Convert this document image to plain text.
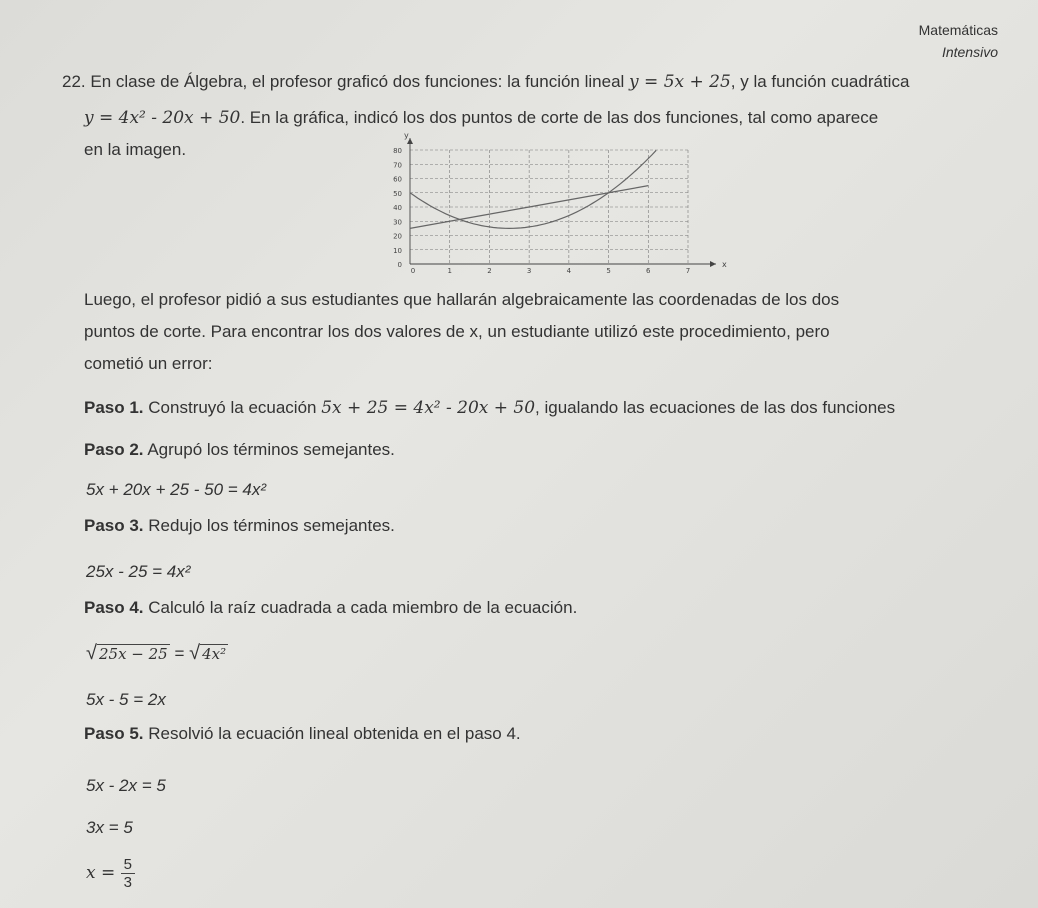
Matemáticas
Intensivo
22. En clase de Álgebra, el profesor graficó dos funciones: la función lineal y = 5x + 25, y la función cuadrática
y = 4x² - 20x + 50. En la gráfica, indicó los dos puntos de corte de las dos funciones, tal como aparece
en la imagen.
0
10
20
30
40
50
60
70
80
0	1	2	3	4	5	6	7
x
y
Luego, el profesor pidió a sus estudiantes que hallarán algebraicamente las coordenadas de los dos
puntos de corte. Para encontrar los dos valores de x, un estudiante utilizó este procedimiento, pero
cometió un error:
Paso 1. Construyó la ecuación 5x + 25 = 4x² - 20x + 50, igualando las ecuaciones de las dos funciones
Paso 2. Agrupó los términos semejantes.
5x + 20x + 25 - 50 = 4x²
Paso 3. Redujo los términos semejantes.
25x - 25 = 4x²
Paso 4. Calculó la raíz cuadrada a cada miembro de la ecuación.
√ 25x − 25 = √ 4x²
5x - 5 = 2x
Paso 5. Resolvió la ecuación lineal obtenida en el paso 4.
5x - 2x = 5
3x = 5
$x = \frac{5}{3}$
